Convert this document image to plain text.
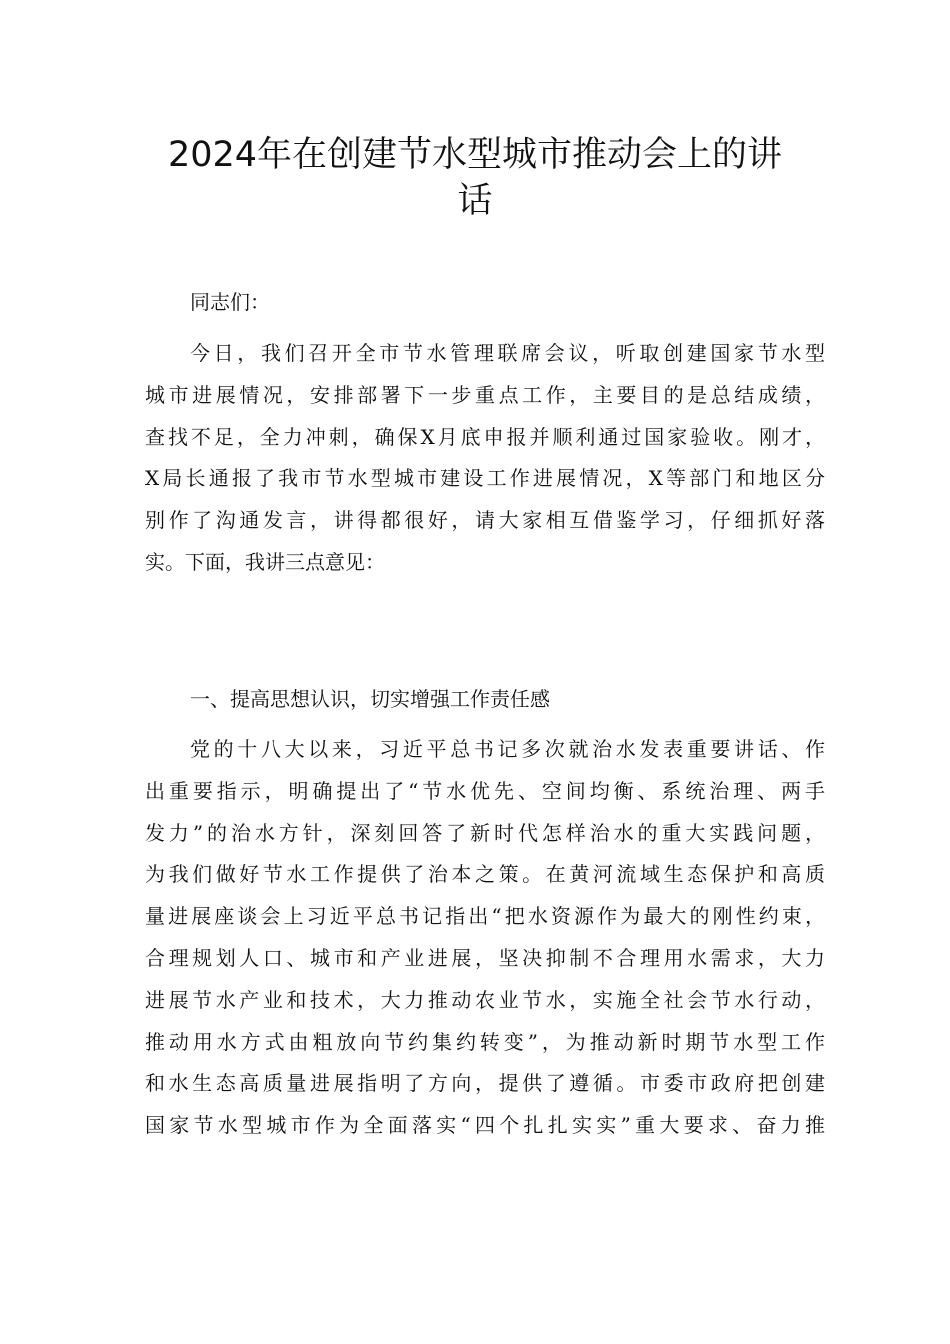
2024年在创建节水型城市推动会上的讲
话
同志们：

今日，我们召开全市节水管理联席会议，听取创建国家节水型
城市进展情况，安排部署下一步重点工作，主要目的是总结成绩，
查找不足，全力冲刺，确保X月底申报并顺利通过国家验收。刚才，
X局长通报了我市节水型城市建设工作进展情况，X等部门和地区分
别作了沟通发言，讲得都很好，请大家相互借鉴学习，仔细抓好落
实。下面，我讲三点意见：

一、提高思想认识，切实增强工作责任感

党的十八大以来，习近平总书记多次就治水发表重要讲话、作
出重要指示，明确提出了“节水优先、空间均衡、系统治理、两手
发力”的治水方针，深刻回答了新时代怎样治水的重大实践问题，
为我们做好节水工作提供了治本之策。在黄河流域生态保护和高质
量进展座谈会上习近平总书记指出“把水资源作为最大的刚性约束，
合理规划人口、城市和产业进展，坚决抑制不合理用水需求，大力
进展节水产业和技术，大力推动农业节水，实施全社会节水行动，
推动用水方式由粗放向节约集约转变”，为推动新时期节水型工作
和水生态高质量进展指明了方向，提供了遵循。市委市政府把创建
国家节水型城市作为全面落实“四个扎扎实实”重大要求、奋力推
